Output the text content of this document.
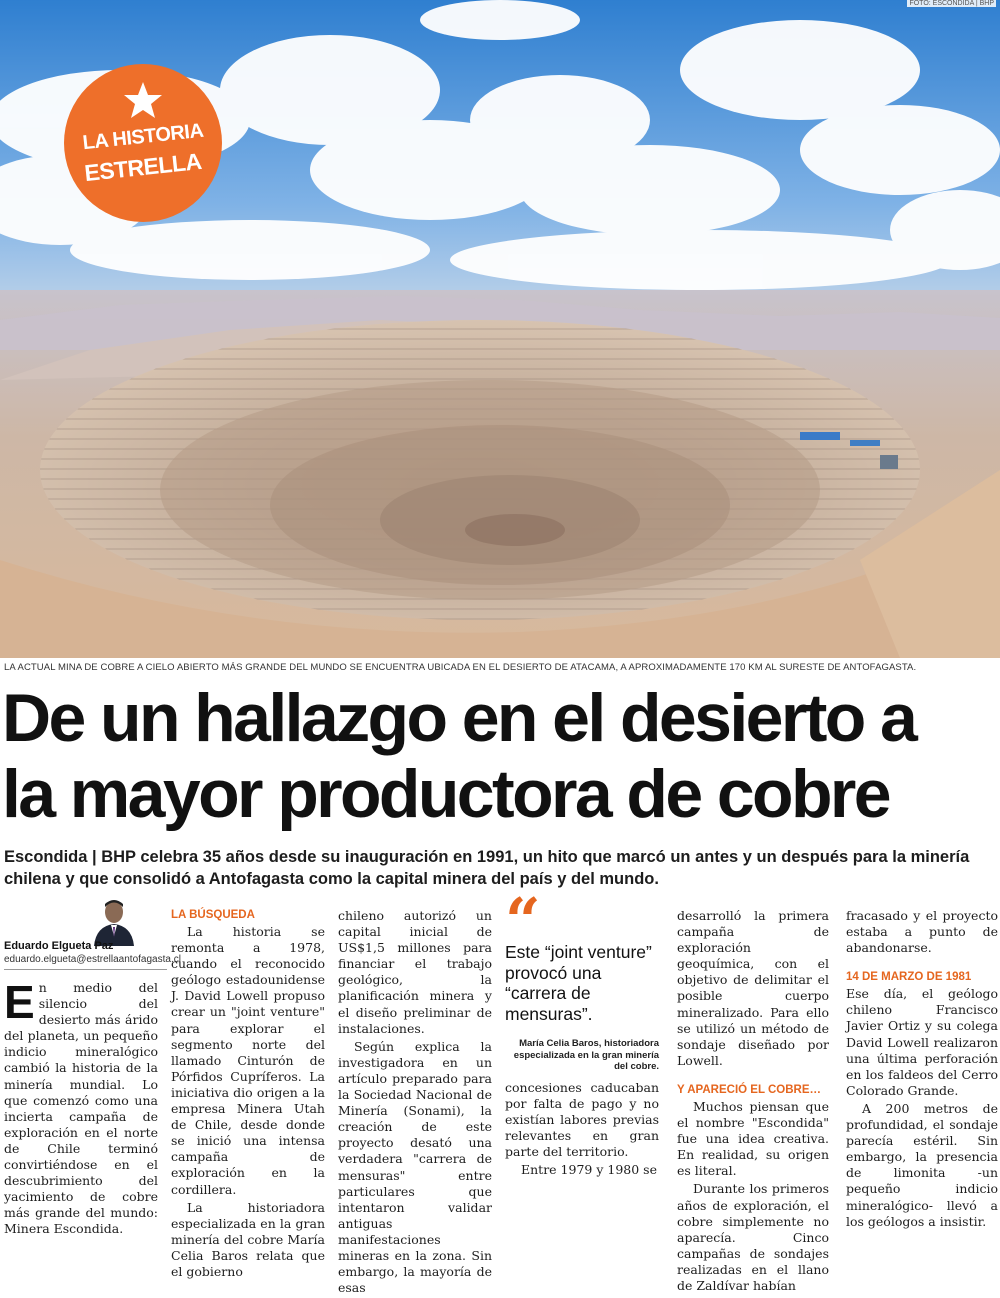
FOTO: ESCONDIDA | BHP
LA HISTORIA
ESTRELLA
LA ACTUAL MINA DE COBRE A CIELO ABIERTO MÁS GRANDE DEL MUNDO SE ENCUENTRA UBICADA EN EL DESIERTO DE ATACAMA, A APROXIMADAMENTE 170 KM AL SURESTE DE ANTOFAGASTA.
De un hallazgo en el desierto a
la mayor productora de cobre
Escondida | BHP celebra 35 años desde su inauguración en 1991, un hito que marcó un antes y un después para la minería chilena y que consolidó a Antofagasta como la capital minera del país y del mundo.
Eduardo Elgueta Paz
eduardo.elgueta@estrellaantofagasta.cl

En medio del silencio del desierto más árido del planeta, un pequeño indicio mineralógico cambió la historia de la minería mundial. Lo que comenzó como una incierta campaña de exploración en el norte de Chile terminó convirtiéndose en el descubrimiento del yacimiento de cobre más grande del mundo: Minera Escondida.

LA BÚSQUEDA

La historia se remonta a 1978, cuando el reconocido geólogo estadounidense J. David Lowell propuso crear un "joint venture" para explorar el segmento norte del llamado Cinturón de Pórfidos Cupríferos. La iniciativa dio origen a la empresa Minera Utah de Chile, desde donde se inició una intensa campaña de exploración en la cordillera.

La historiadora especializada en la gran minería del cobre María Celia Baros relata que el gobierno

chileno autorizó un capital inicial de US$1,5 millones para financiar el trabajo geológico, la planificación minera y el diseño preliminar de instalaciones.

Según explica la investigadora en un artículo preparado para la Sociedad Nacional de Minería (Sonami), la creación de este proyecto desató una verdadera "carrera de mensuras" entre particulares que intentaron validar antiguas manifestaciones mineras en la zona. Sin embargo, la mayoría de esas

“
Este “joint venture” provocó una “carrera de mensuras”.
María Celia Baros, historiadora especializada en la gran minería del cobre.

concesiones caducaban por falta de pago y no existían labores previas relevantes en gran parte del territorio.

Entre 1979 y 1980 se

desarrolló la primera campaña de exploración geoquímica, con el objetivo de delimitar el posible cuerpo mineralizado. Para ello se utilizó un método de sondaje diseñado por Lowell.

Y APARECIÓ EL COBRE…

Muchos piensan que el nombre "Escondida" fue una idea creativa. En realidad, su origen es literal.

Durante los primeros años de exploración, el cobre simplemente no aparecía. Cinco campañas de sondajes realizadas en el llano de Zaldívar habían

fracasado y el proyecto estaba a punto de abandonarse.

14 DE MARZO DE 1981

Ese día, el geólogo chileno Francisco Javier Ortiz y su colega David Lowell realizaron una última perforación en los faldeos del Cerro Colorado Grande.

A 200 metros de profundidad, el sondaje parecía estéril. Sin embargo, la presencia de limonita -un pequeño indicio mineralógico- llevó a los geólogos a insistir.
